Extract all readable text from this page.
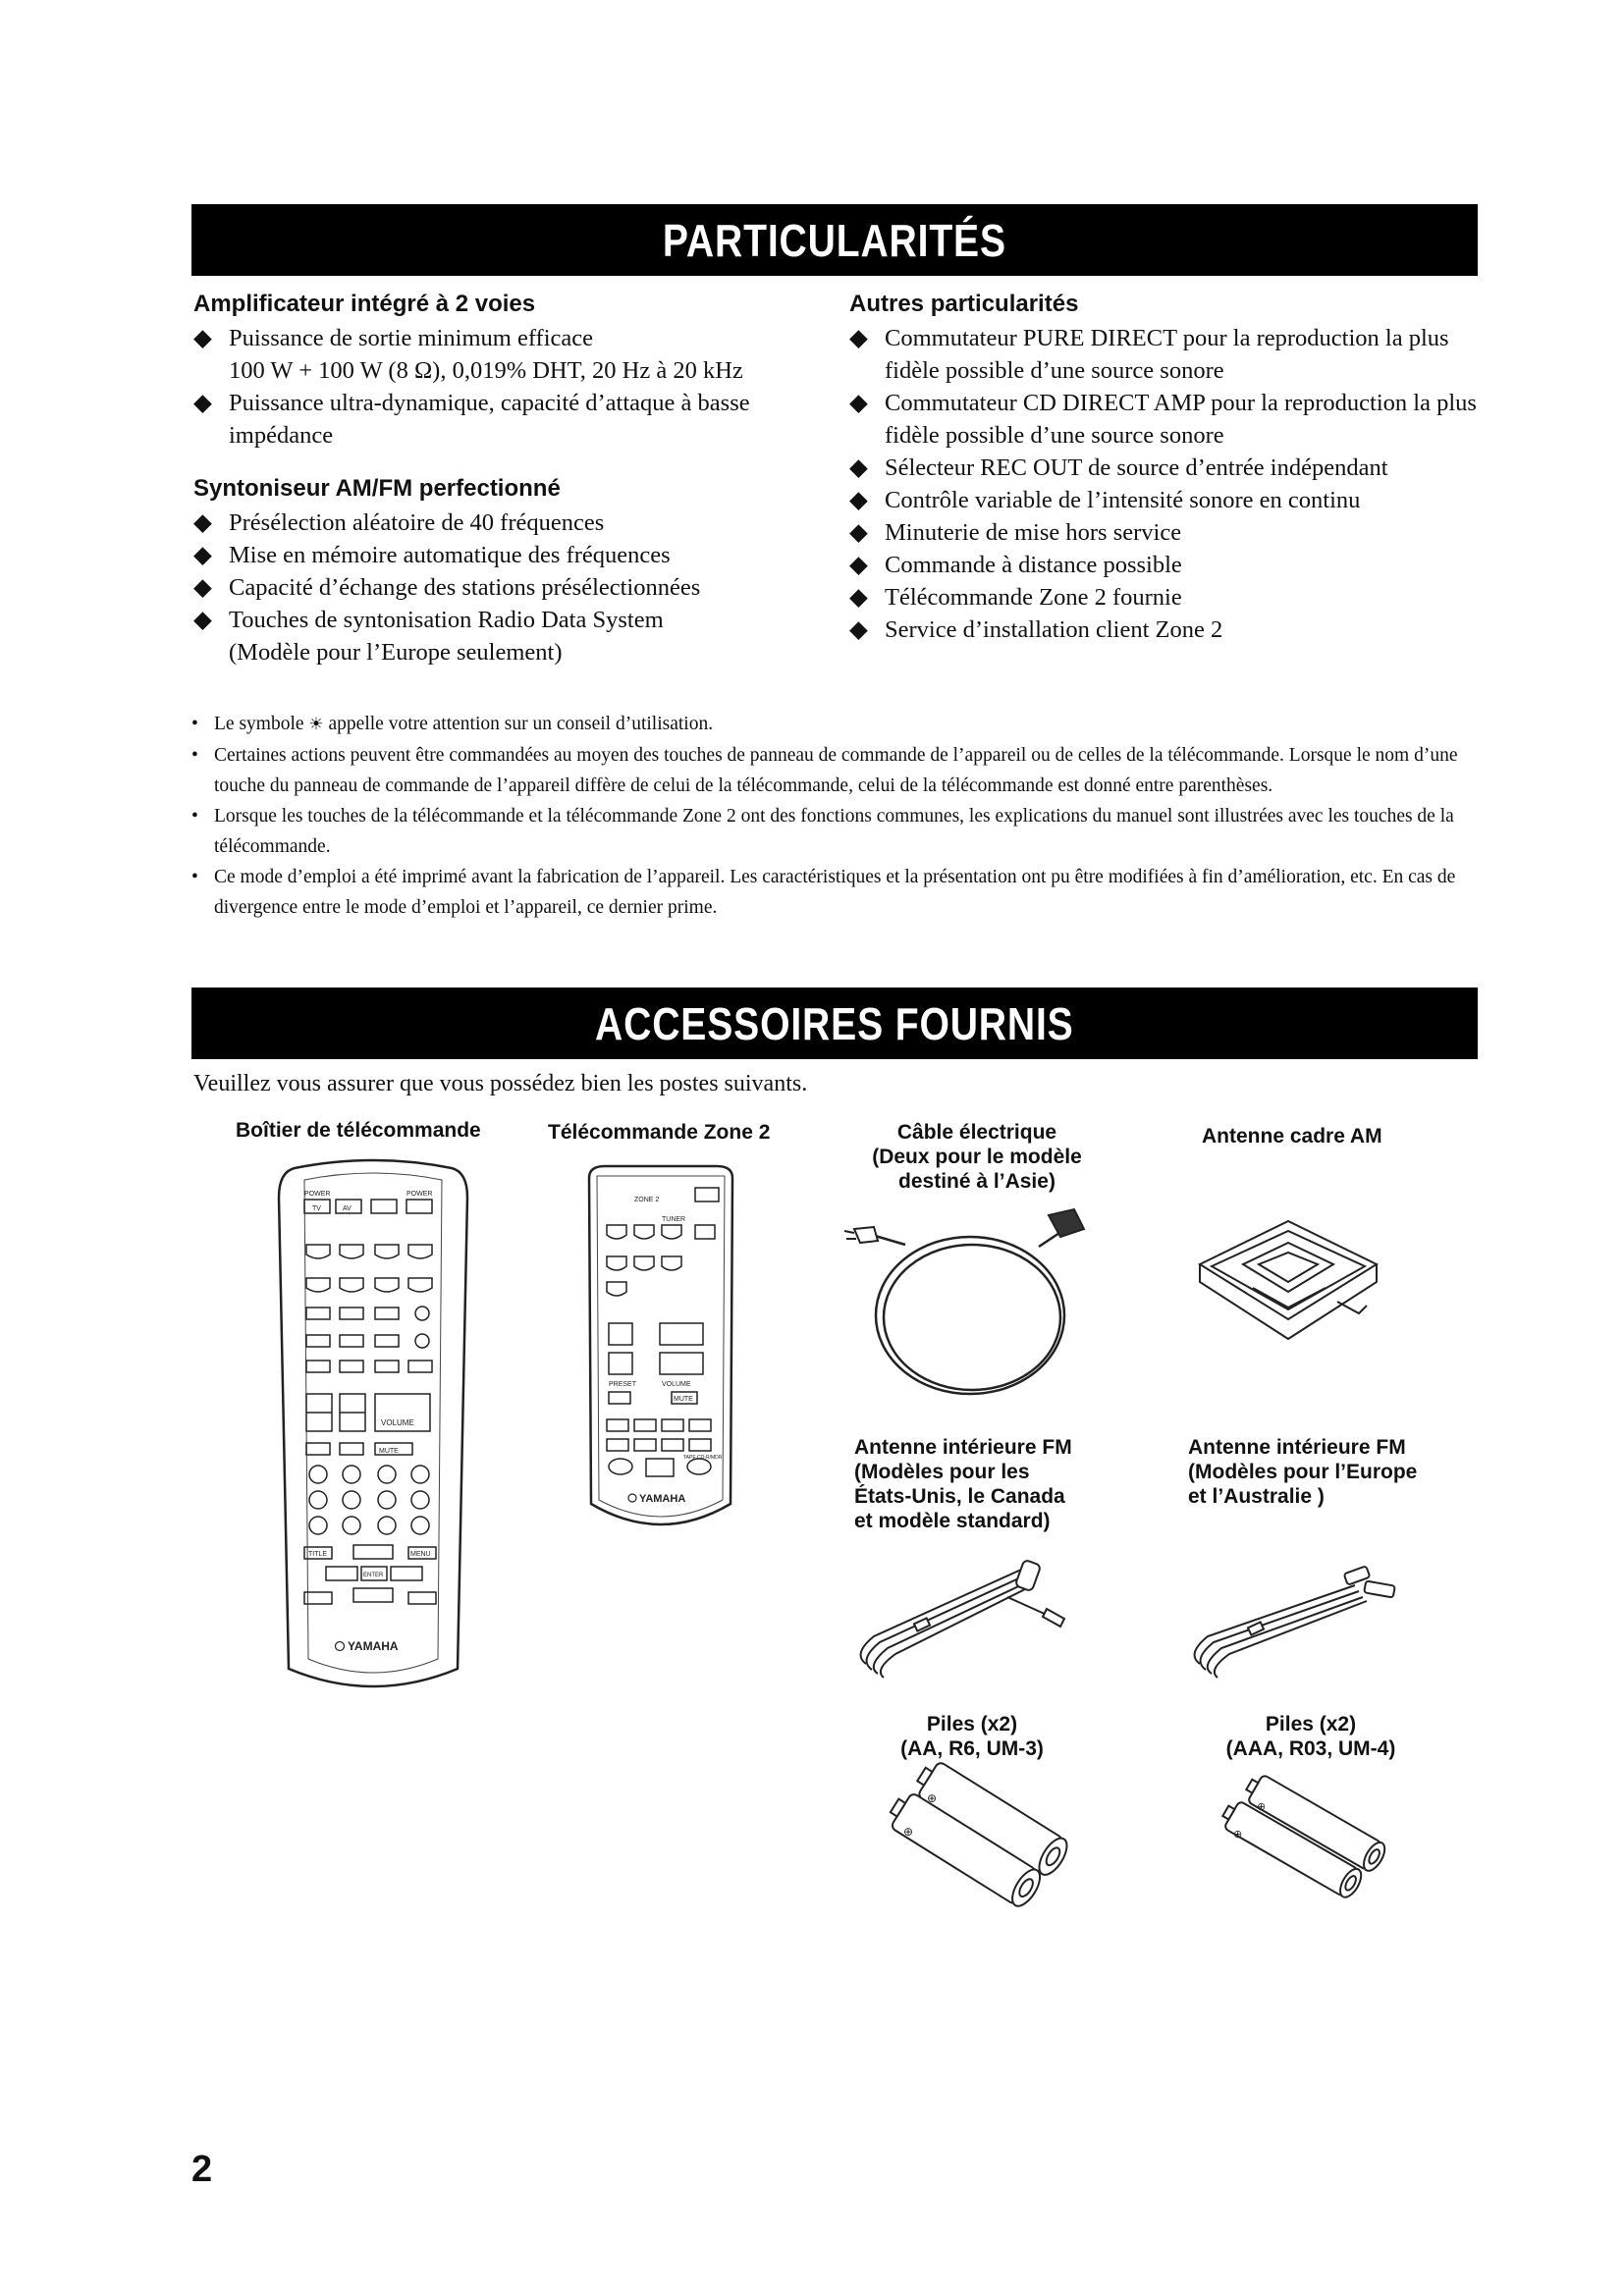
PARTICULARITÉS

Amplificateur intégré à 2 voies

◆ Puissance de sortie minimum efficace

100 W + 100 W (8 Ω), 0,019% DHT, 20 Hz à 20 kHz

◆ Puissance ultra-dynamique, capacité d’attaque à basse impédance

Syntoniseur AM/FM perfectionné

◆ Présélection aléatoire de 40 fréquences

◆ Mise en mémoire automatique des fréquences

◆ Capacité d’échange des stations présélectionnées

◆ Touches de syntonisation Radio Data System

(Modèle pour l’Europe seulement)

Autres particularités

◆ Commutateur PURE DIRECT pour la reproduction la plus fidèle possible d’une source sonore

◆ Commutateur CD DIRECT AMP pour la reproduction la plus fidèle possible d’une source sonore

◆ Sélecteur REC OUT de source d’entrée indépendant

◆ Contrôle variable de l’intensité sonore en continu

◆ Minuterie de mise hors service

◆ Commande à distance possible

◆ Télécommande Zone 2 fournie

◆ Service d’installation client Zone 2

• Le symbole ☀ appelle votre attention sur un conseil d’utilisation.

• Certaines actions peuvent être commandées au moyen des touches de panneau de commande de l’appareil ou de celles de la télécommande. Lorsque le nom d’une touche du panneau de commande de l’appareil diffère de celui de la télécommande, celui de la télécommande est donné entre parenthèses.

• Lorsque les touches de la télécommande et la télécommande Zone 2 ont des fonctions communes, les explications du manuel sont illustrées avec les touches de la télécommande.

• Ce mode d’emploi a été imprimé avant la fabrication de l’appareil. Les caractéristiques et la présentation ont pu être modifiées à fin d’amélioration, etc. En cas de divergence entre le mode d’emploi et l’appareil, ce dernier prime.

ACCESSOIRES FOURNIS
Veuillez vous assurer que vous possédez bien les postes suivants.
Boîtier de télécommande	Télécommande Zone 2	Câble électrique
(Deux pour le modèle
destiné à l’Asie)
Antenne cadre AM
Antenne intérieure FM
(Modèles pour les
États-Unis, le Canada
et modèle standard)
Antenne intérieure FM
(Modèles pour l’Europe
et l’Australie )
Piles (x2)
(AA, R6, UM-3)
Piles (x2)
(AAA, R03, UM-4)
POWER	POWER
TV	AV
VOLUME
MUTE
TITLE	MENU
ENTER
YAMAHA
ZONE 2
TUNER
PRESET	VOLUME
MUTE
TAPE CD-R/MDR
YAMAHA
⊕
⊕
⊕
⊕
2
